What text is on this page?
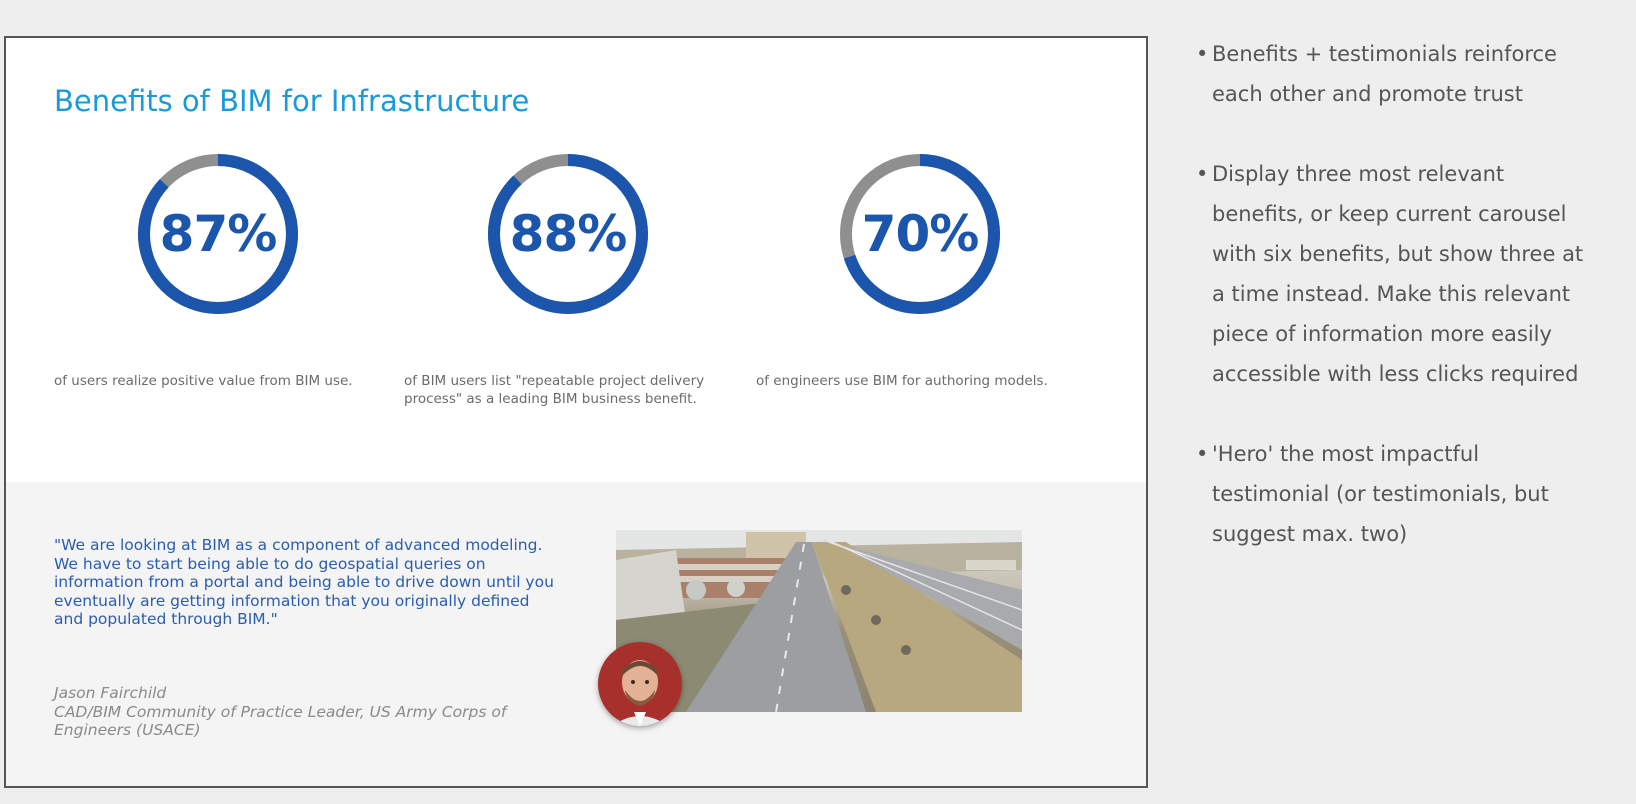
Benefits of BIM for Infrastructure
87%

of users realize positive value from BIM use.

88%

of BIM users list "repeatable project delivery process" as a leading BIM business benefit.

70%

of engineers use BIM for authoring models.

"We are looking at BIM as a component of advanced modeling. We have to start being able to do geospatial queries on information from a portal and being able to drive down until you eventually are getting information that you originally defined and populated through BIM."

Jason Fairchild
CAD/BIM Community of Practice Leader, US Army Corps of Engineers (USACE)

• Benefits + testimonials reinforce each other and promote trust
• Display three most relevant benefits, or keep current carousel with six benefits, but show three at a time instead. Make this relevant piece of information more easily accessible with less clicks required
• 'Hero' the most impactful testimonial (or testimonials, but suggest max. two)
